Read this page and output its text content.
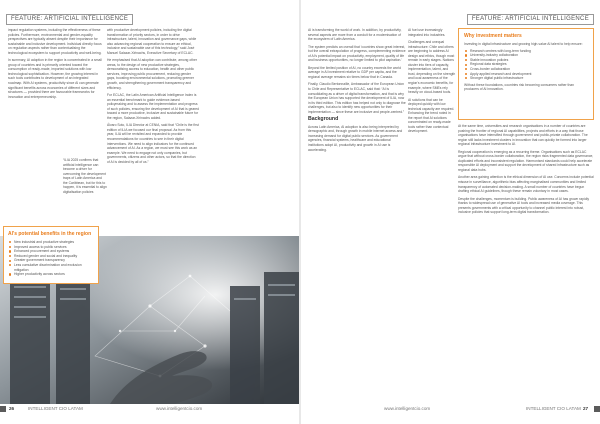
FEATURE: ARTIFICIAL INTELLIGENCE	FEATURE: ARTIFICIAL INTELLIGENCE

impact regulation systems, including the effectiveness of these policies. Furthermore, environmental and gender-equality perspectives are typically absent despite their importance for sustainable and inclusive development. Individual directly focus on regulation aspects rather than contextualising the technological ecosystem to support productivity and well-being.

In summary, AI adoption in the region is concentrated in a small group of countries and is primarily oriented toward the consumption of ready-made, imported solutions with low technological sophistication. However, the growing interest in such tools contributes to development of an integrated roadmap. With AI systems, productivity since AI can generate significant benefits across economies of different sizes and structures — provided there are favourable frameworks for innovation and entrepreneurship.

“ILIA 2025 confirms that artificial intelligence can become a driver for overcoming the development traps of Latin America and the Caribbean, but for this to happen, it is essential to align digitalisation policies

with productive development policies, including the digital transformation of priority sectors, in order to drive infrastructure, talent, innovation and governance gaps, while also advancing regional cooperation to ensure an ethical, inclusive and sustainable use of this technology,” said José Manuel Salazar-Xirinachs, Executive Secretary of ECLAC.

He emphasised that AI adoption can contribute, among other areas, to the design of new productive strategies, democratising access to education, health and other public services, improving public procurement, reducing gender gaps, boosting environmental solutions, promoting greener growth, and strengthening government transparency and efficiency.

For ECLAC, the Latin American Artificial Intelligence Index is an essential benchmark to guide evidence-based policymaking and to assess the implementation and progress of such policies, ensuring the development of AI that is geared toward a more productive, inclusive and sustainable future for the region, Salazar-Xirinachs added.

Álvaro Soto, ILIA Director at CENIA, said that “Chile is the first edition of ILIA we focused our final proposal. As from this year, ILIA will be revisited and expanded to provide recommendations for countries to see in their digital interventions. We need to align indicators for the continued advancement of AI. As a region, we must see this work as an example. We need to engage not only companies, but governments, citizens and other actors, so that the direction of AI is decided by all of us.”

AI's potential benefits in the region
New industrial and productive strategies
Improved access to public services
Enhanced procurement and systems
Reduced gender and social and inequality
Greater government transparency
Less cumulative discrimination and exclusion mitigation
Higher productivity across sectors

AI is transforming the world of work. In addition, by productivity, several aspects are more from a conduit for a modernisation of the ecosystem of Latin America.

The system predicts an overall that 'countries show great interest, but the overall extrapolation of progress, complementing evidence of AI's potential impact on productivity, employment, quality of life and business opportunities, no longer limited to pilot aspiration.'

Beyond the limited position of AI, no country exceeds the world average in AI investment relative to GDP per capita, and the regional average remains six times below that in Canada.

Finally, Claudio Bertonnaille, Ambassador of the European Union to Chile and Representative to ECLAC, said that: “AI is consolidating as a driver of digital transformation, and that is why the European Union has supported the development of ILIA, now in its third edition. This edition has helped not only to diagnose the challenges, but also to identify new opportunities for their implementation — since these are inclusive and people-centred.”

Background

Across Latin America, AI adoption is also being interpreted by demographic and, through growth in mobile internet access and increasing demand for digital public services. As government agencies, financial systems, healthcare and educational institutions adopt AI, productivity and growth in AI use is accelerating.

AI fuel use increasingly integrated into industries.

Challenges and unequal infrastructure: Chile and others are beginning to address AI design and ethics, though most remain in early stages. Nations cluster into tiers of capacity, implementation, talent, and trust, depending on the strength and local awareness of the region's economic benefits, for example, where SMEs rely heavily on cloud-based tools.

AI solutions that can be deployed quickly with low technical capacity are required. Enhancing the trend noted in the report that AI solutions concentrated on ready-made tools rather than contextual development.

Why investment matters
Investing in digital infrastructure and growing high-value AI talent to help ensure:
Research centres with long-term funding
University-industry collaboration
Stable innovation policies
Regional data strategies
Cross-border collaboration
Apply applied research and development
Stronger digital public infrastructure
Without these foundations, countries risk becoming consumers rather than producers of AI innovation.

At the same time, universities and research organisations in a number of countries are pushing the frontier of regional AI capabilities, projects and efforts in a way that those organisations have intensified through government and public-private collaboration. The region still lacks investment clusters in innovation that can quickly be formed into larger regional infrastructure investment to AI.

Regional cooperation is emerging as a recurring theme. Organisations such as ECLAC argue that without cross-border collaboration, the region risks fragmented data governance, duplicated efforts and inconsistent regulation. Harmonised standards could help accelerate responsible AI deployment and support the development of shared infrastructure such as regional data hubs.

Another area gaining attention is the ethical dimension of AI use. Concerns include potential misuse in surveillance, algorithmic bias affecting marginalised communities and limited transparency of automated decision-making. A small number of countries have begun drafting ethical AI guidelines, though these remain voluntary in most cases.

Despite the challenges, momentum is building. Public awareness of AI has grown rapidly thanks to widespread use of generative AI tools and increased media coverage. This presents governments with a critical opportunity to channel public interest into robust, inclusive policies that support long-term digital transformation.

26	INTELLIGENT CIO LATAM	www.intelligentcio.com	www.intelligentcio.com	INTELLIGENT CIO LATAM 27
